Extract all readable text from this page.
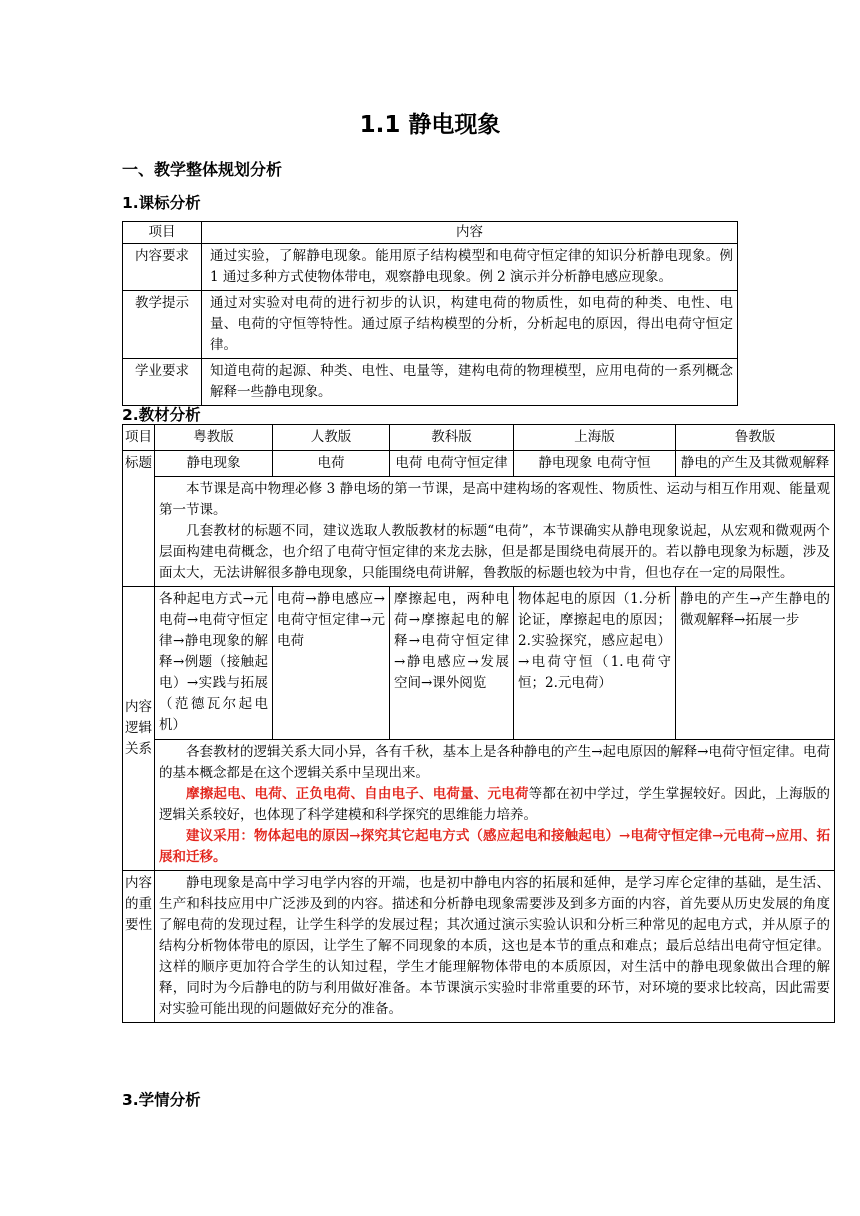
1.1 静电现象
一、教学整体规划分析
1.课标分析
项目	内容
内容要求	通过实验，了解静电现象。能用原子结构模型和电荷守恒定律的知识分析静电现象。例 1 通过多种方式使物体带电，观察静电现象。例 2 演示并分析静电感应现象。
教学提示	通过对实验对电荷的进行初步的认识，构建电荷的物质性，如电荷的种类、电性、电量、电荷的守恒等特性。通过原子结构模型的分析，分析起电的原因，得出电荷守恒定律。
学业要求	知道电荷的起源、种类、电性、电量等，建构电荷的物理模型，应用电荷的一系列概念解释一些静电现象。
2.教材分析
项目	粤教版	人教版	教科版	上海版	鲁教版
标题	静电现象	电荷	电荷 电荷守恒定律	静电现象 电荷守恒	静电的产生及其微观解释

	本节课是高中物理必修 3 静电场的第一节课，是高中建构场的客观性、物质性、运动与相互作用观、能量观第一节课。
几套教材的标题不同，建议选取人教版教材的标题“电荷”，本节课确实从静电现象说起，从宏观和微观两个层面构建电荷概念，也介绍了电荷守恒定律的来龙去脉，但是都是围绕电荷展开的。若以静电现象为标题，涉及面太大，无法讲解很多静电现象，只能围绕电荷讲解，鲁教版的标题也较为中肯，但也存在一定的局限性。				

内容逻辑关系	各种起电方式→元电荷→电荷守恒定律→静电现象的解释→例题（接触起电）→实践与拓展（范德瓦尔起电机）	电荷→静电感应→电荷守恒定律→元电荷	摩擦起电，两种电荷→摩擦起电的解释→电荷守恒定律→静电感应→发展空间→课外阅览	物体起电的原因（1.分析论证，摩擦起电的原因；2.实验探究，感应起电）→电荷守恒（1.电荷守恒；2.元电荷）	静电的产生→产生静电的微观解释→拓展一步

	各套教材的逻辑关系大同小异，各有千秋，基本上是各种静电的产生→起电原因的解释→电荷守恒定律。电荷的基本概念都是在这个逻辑关系中呈现出来。
摩擦起电、电荷、正负电荷、自由电子、电荷量、元电荷等都在初中学过，学生掌握较好。因此，上海版的逻辑关系较好，也体现了科学建模和科学探究的思维能力培养。
建议采用：物体起电的原因→探究其它起电方式（感应起电和接触起电）→电荷守恒定律→元电荷→应用、拓展和迁移。				

内容的重要性	静电现象是高中学习电学内容的开端，也是初中静电内容的拓展和延伸，是学习库仑定律的基础，是生活、生产和科技应用中广泛涉及到的内容。描述和分析静电现象需要涉及到多方面的内容，首先要从历史发展的角度了解电荷的发现过程，让学生科学的发展过程；其次通过演示实验认识和分析三种常见的起电方式，并从原子的结构分析物体带电的原因，让学生了解不同现象的本质，这也是本节的重点和难点；最后总结出电荷守恒定律。这样的顺序更加符合学生的认知过程，学生才能理解物体带电的本质原因，对生活中的静电现象做出合理的解释，同时为今后静电的防与利用做好准备。本节课演示实验时非常重要的环节，对环境的要求比较高，因此需要对实验可能出现的问题做好充分的准备。				
3.学情分析
